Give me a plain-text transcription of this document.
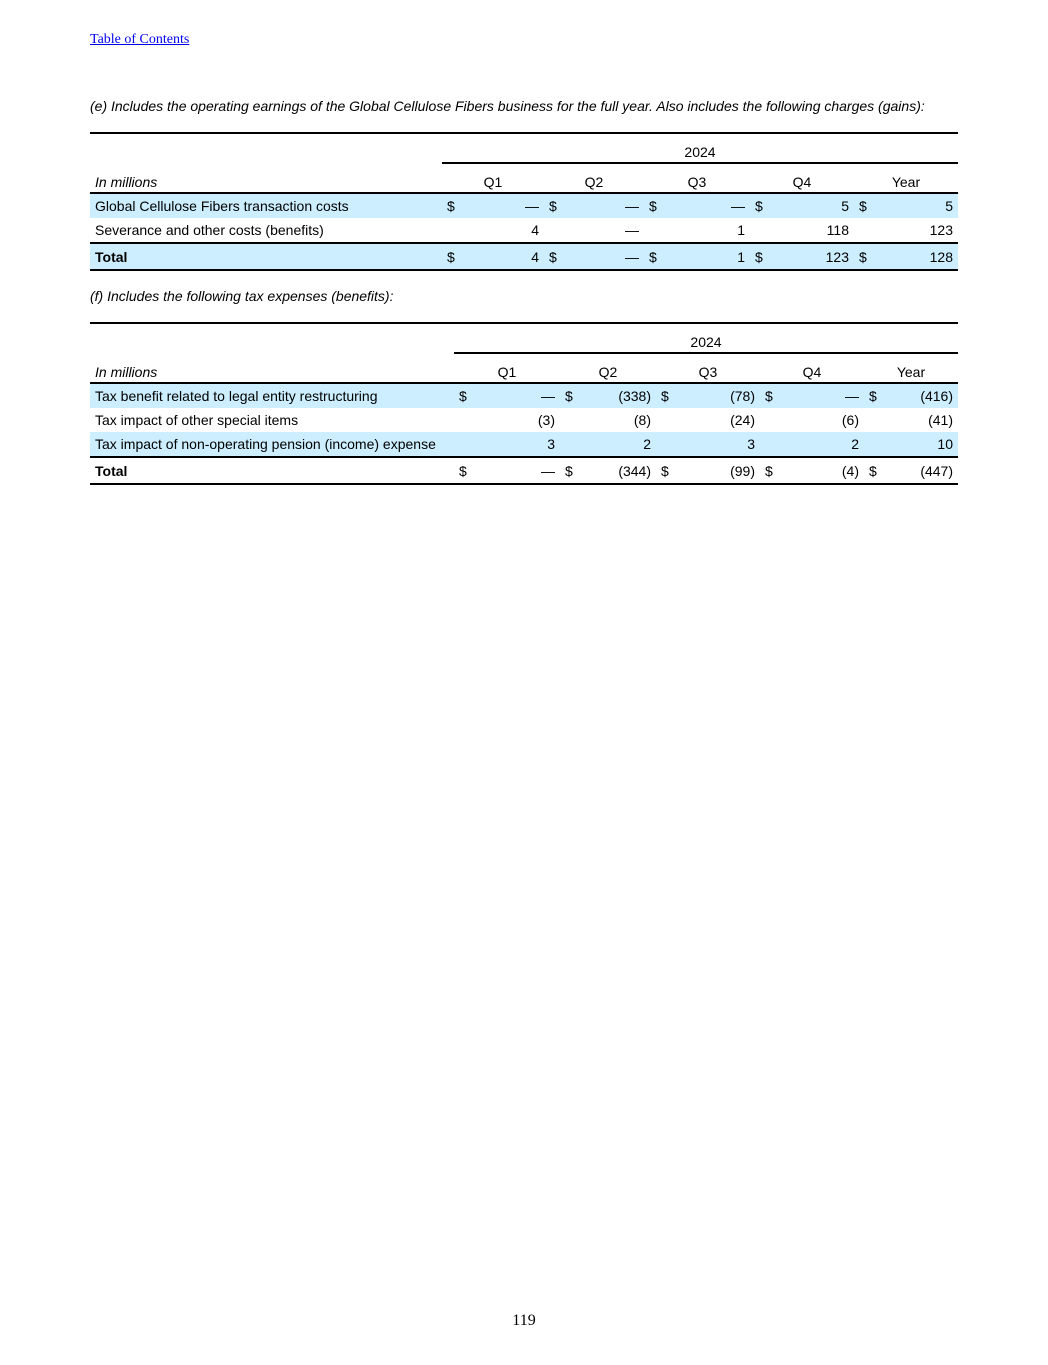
Table of Contents
(e) Includes the operating earnings of the Global Cellulose Fibers business for the full year. Also includes the following charges (gains):
	2024									
In millions	Q1		Q2		Q3		Q4		Year	
Global Cellulose Fibers transaction costs	$	—	$	—	$	—	$	5	$	5
Severance and other costs (benefits)		4		—		1		118		123
Total	$	4	$	—	$	1	$	123	$	128
(f) Includes the following tax expenses (benefits):
	2024									
In millions	Q1		Q2		Q3		Q4		Year	
Tax benefit related to legal entity restructuring	$	—	$	(338)	$	(78)	$	—	$	(416)
Tax impact of other special items		(3)		(8)		(24)		(6)		(41)
Tax impact of non-operating pension (income) expense		3		2		3		2		10
Total	$	—	$	(344)	$	(99)	$	(4)	$	(447)
119
